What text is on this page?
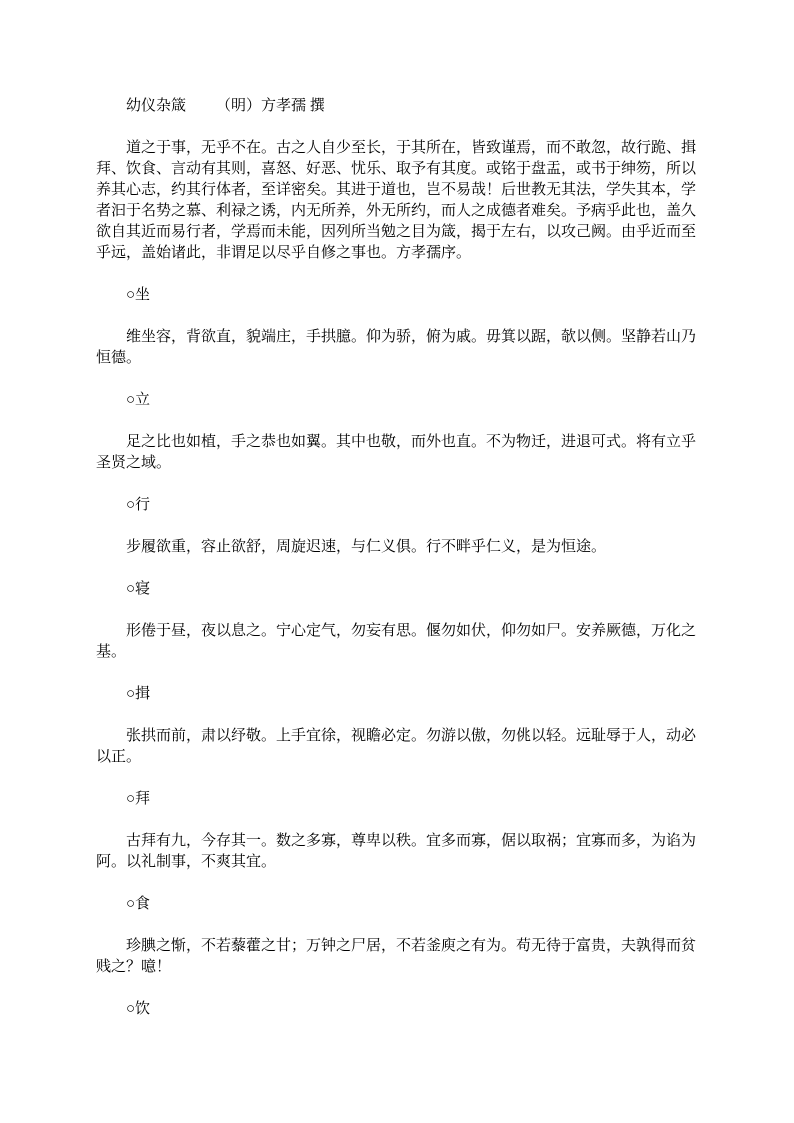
幼仪杂箴 （明）方孝孺 撰

道之于事，无乎不在。古之人自少至长，于其所在，皆致谨焉，而不敢忽，故行跪、揖拜、饮食、言动有其则，喜怒、好恶、忧乐、取予有其度。或铭于盘盂，或书于绅笏，所以养其心志，约其行体者，至详密矣。其进于道也，岂不易哉！后世教无其法，学失其本，学者汩于名势之慕、利禄之诱，内无所养，外无所约，而人之成德者难矣。予病乎此也，盖久欲自其近而易行者，学焉而未能，因列所当勉之目为箴，揭于左右，以攻己阙。由乎近而至乎远，盖始诸此，非谓足以尽乎自修之事也。方孝孺序。

○坐

维坐容，背欲直，貌端庄，手拱臆。仰为骄，俯为戚。毋箕以踞，欹以侧。坚静若山乃恒德。

○立

足之比也如植，手之恭也如翼。其中也敬，而外也直。不为物迁，进退可式。将有立乎圣贤之域。

○行

步履欲重，容止欲舒，周旋迟速，与仁义俱。行不畔乎仁义，是为恒途。

○寝

形倦于昼，夜以息之。宁心定气，勿妄有思。偃勿如伏，仰勿如尸。安养厥德，万化之基。

○揖

张拱而前，肃以纾敬。上手宜徐，视瞻必定。勿游以傲，勿佻以轻。远耻辱于人，动必以正。

○拜

古拜有九，今存其一。数之多寡，尊卑以秩。宜多而寡，倨以取祸；宜寡而多，为谄为阿。以礼制事，不爽其宜。

○食

珍腆之惭，不若藜藿之甘；万钟之尸居，不若釜庾之有为。苟无待于富贵，夫孰得而贫贱之？噫！

○饮
